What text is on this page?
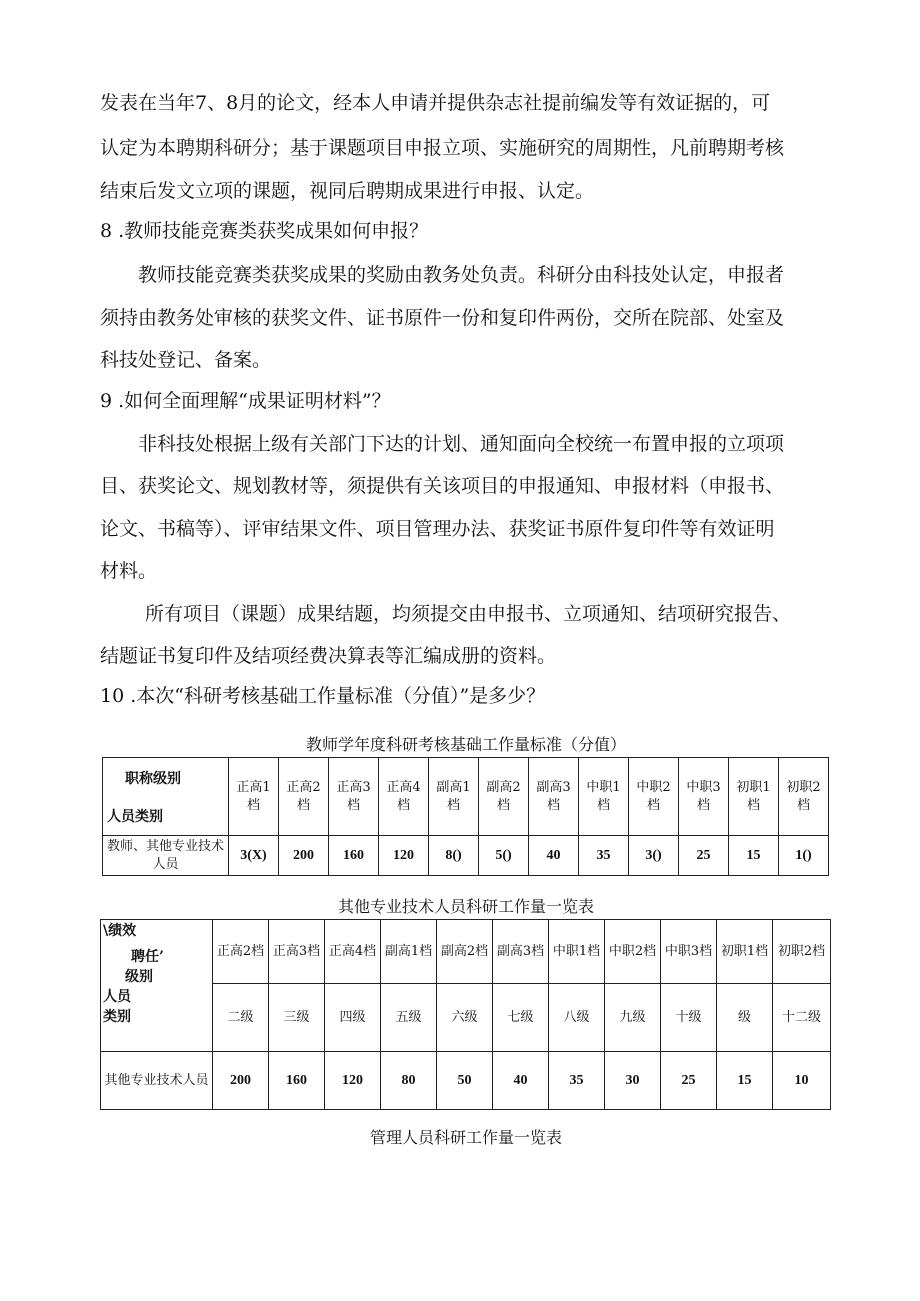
发表在当年7、8月的论文，经本人申请并提供杂志社提前编发等有效证据的，可
认定为本聘期科研分；基于课题项目申报立项、实施研究的周期性，凡前聘期考核
结束后发文立项的课题，视同后聘期成果进行申报、认定。
8 .教师技能竞赛类获奖成果如何申报？
教师技能竞赛类获奖成果的奖励由教务处负责。科研分由科技处认定，申报者
须持由教务处审核的获奖文件、证书原件一份和复印件两份，交所在院部、处室及
科技处登记、备案。
9 .如何全面理解“成果证明材料”？
非科技处根据上级有关部门下达的计划、通知面向全校统一布置申报的立项项
目、获奖论文、规划教材等，须提供有关该项目的申报通知、申报材料（申报书、
论文、书稿等）、评审结果文件、项目管理办法、获奖证书原件复印件等有效证明
材料。
所有项目（课题）成果结题，均须提交由申报书、立项通知、结项研究报告、
结题证书复印件及结项经费决算表等汇编成册的资料。
10 .本次“科研考核基础工作量标准（分值）”是多少？
教师学年度科研考核基础工作量标准（分值）
职称级别
人员类别	正高1档	正高2档	正高3档	正高4档	副高1档	副高2档	副高3档	中职1档	中职2档	中职3档	初职1档	初职2档
教师、其他专业技术人员	3(X)	200	160	120	8()	5()	40	35	3()	25	15	1()
其他专业技术人员科研工作量一览表
\绩效
聘任’
级别
人员
类别	正高2档	正高3档	正高4档	副高1档	副高2档	副高3档	中职1档	中职2档	中职3档	初职1档	初职2档
	二级	三级	四级	五级	六级	七级	八级	九级	十级	级	十二级
其他专业技术人员	200	160	120	80	50	40	35	30	25	15	10
管理人员科研工作量一览表
